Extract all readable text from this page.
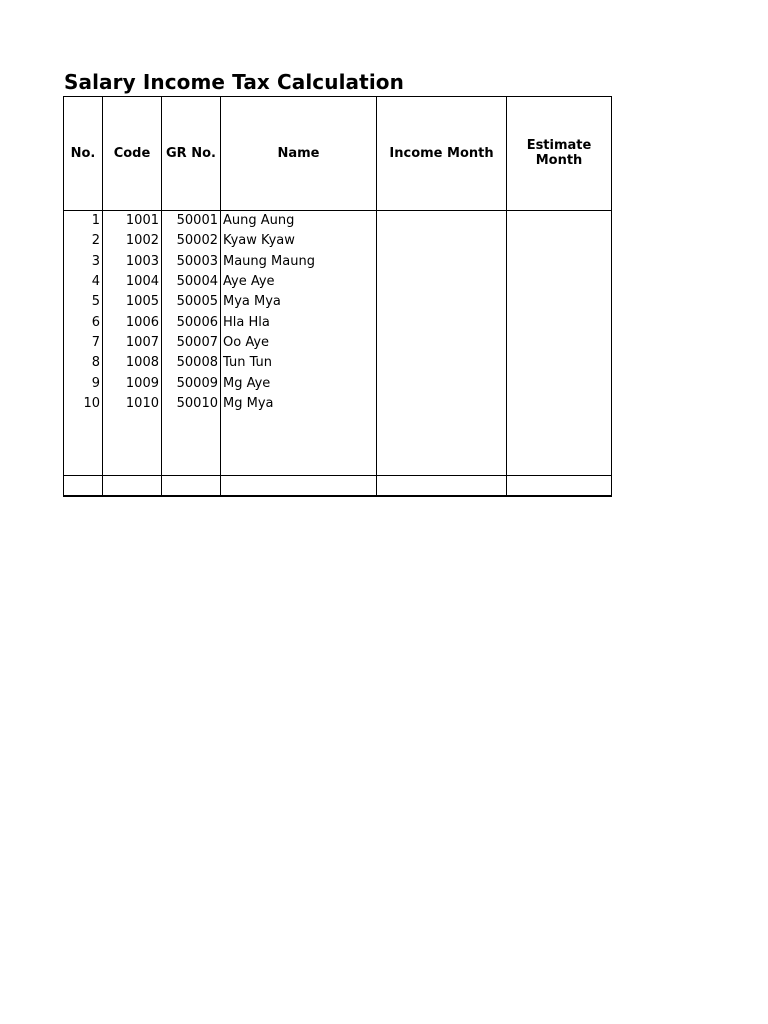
Salary Income Tax Calculation
No.	Code	GR No.	Name	Income Month	Estimate Month
1	1001	50001 Aung Aung
2	1002	50002 Kyaw Kyaw
3	1003	50003 Maung Maung
4	1004	50004 Aye Aye
5	1005	50005 Mya Mya
6	1006	50006 Hla Hla
7	1007	50007 Oo Aye
8	1008	50008 Tun Tun
9	1009	50009 Mg Aye
10	1010	50010 Mg Mya
